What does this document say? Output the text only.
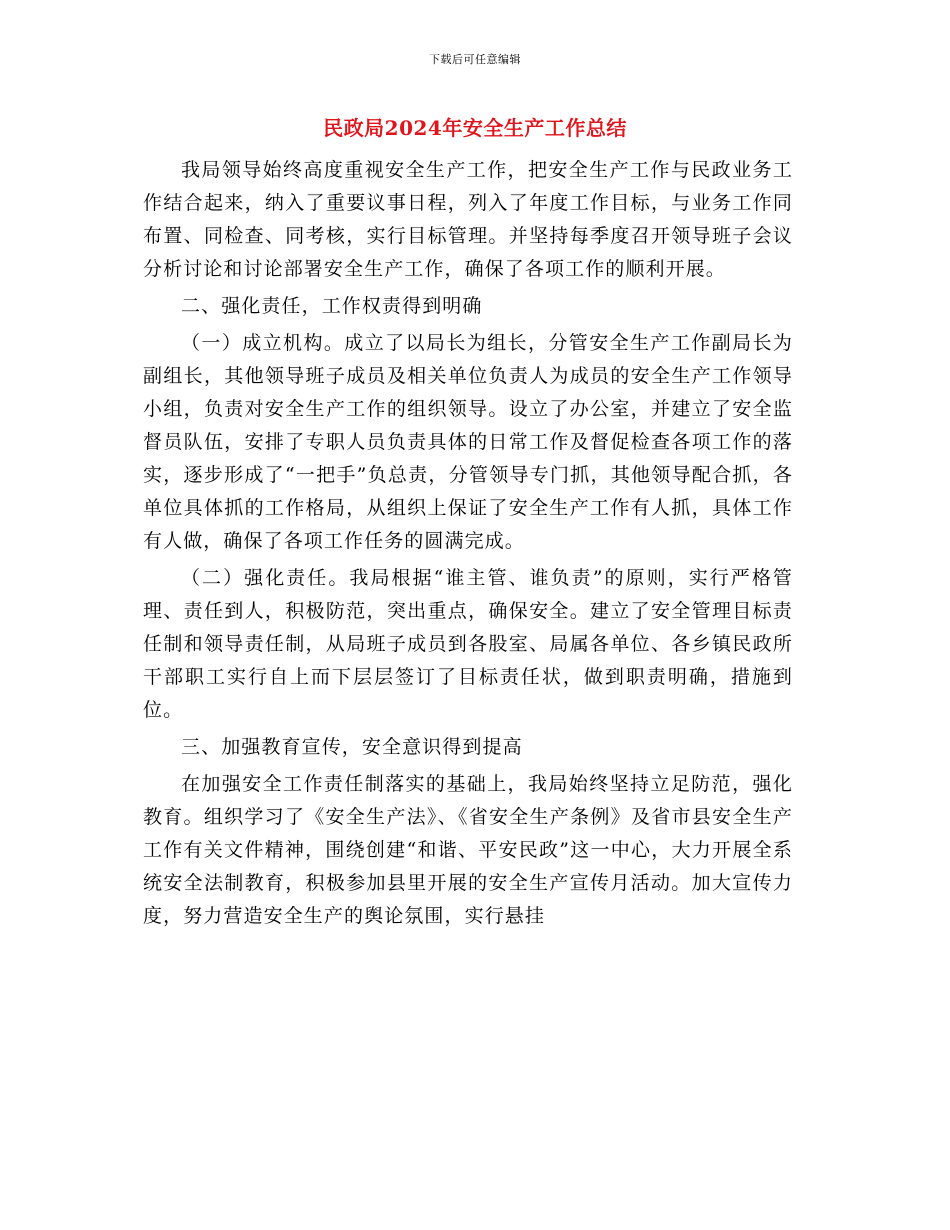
下载后可任意编辑
民政局2024年安全生产工作总结

我局领导始终高度重视安全生产工作，把安全生产工作与民政业务工作结合起来，纳入了重要议事日程，列入了年度工作目标，与业务工作同布置、同检查、同考核，实行目标管理。并坚持每季度召开领导班子会议分析讨论和讨论部署安全生产工作，确保了各项工作的顺利开展。

二、强化责任，工作权责得到明确

（一）成立机构。成立了以局长为组长，分管安全生产工作副局长为副组长，其他领导班子成员及相关单位负责人为成员的安全生产工作领导小组，负责对安全生产工作的组织领导。设立了办公室，并建立了安全监督员队伍，安排了专职人员负责具体的日常工作及督促检查各项工作的落实，逐步形成了“一把手”负总责，分管领导专门抓，其他领导配合抓，各单位具体抓的工作格局，从组织上保证了安全生产工作有人抓，具体工作有人做，确保了各项工作任务的圆满完成。

（二）强化责任。我局根据“谁主管、谁负责”的原则，实行严格管理、责任到人，积极防范，突出重点，确保安全。建立了安全管理目标责任制和领导责任制，从局班子成员到各股室、局属各单位、各乡镇民政所干部职工实行自上而下层层签订了目标责任状，做到职责明确，措施到位。

三、加强教育宣传，安全意识得到提高

在加强安全工作责任制落实的基础上，我局始终坚持立足防范，强化教育。组织学习了《安全生产法》、《省安全生产条例》及省市县安全生产工作有关文件精神，围绕创建“和谐、平安民政”这一中心，大力开展全系统安全法制教育，积极参加县里开展的安全生产宣传月活动。加大宣传力度，努力营造安全生产的舆论氛围，实行悬挂
